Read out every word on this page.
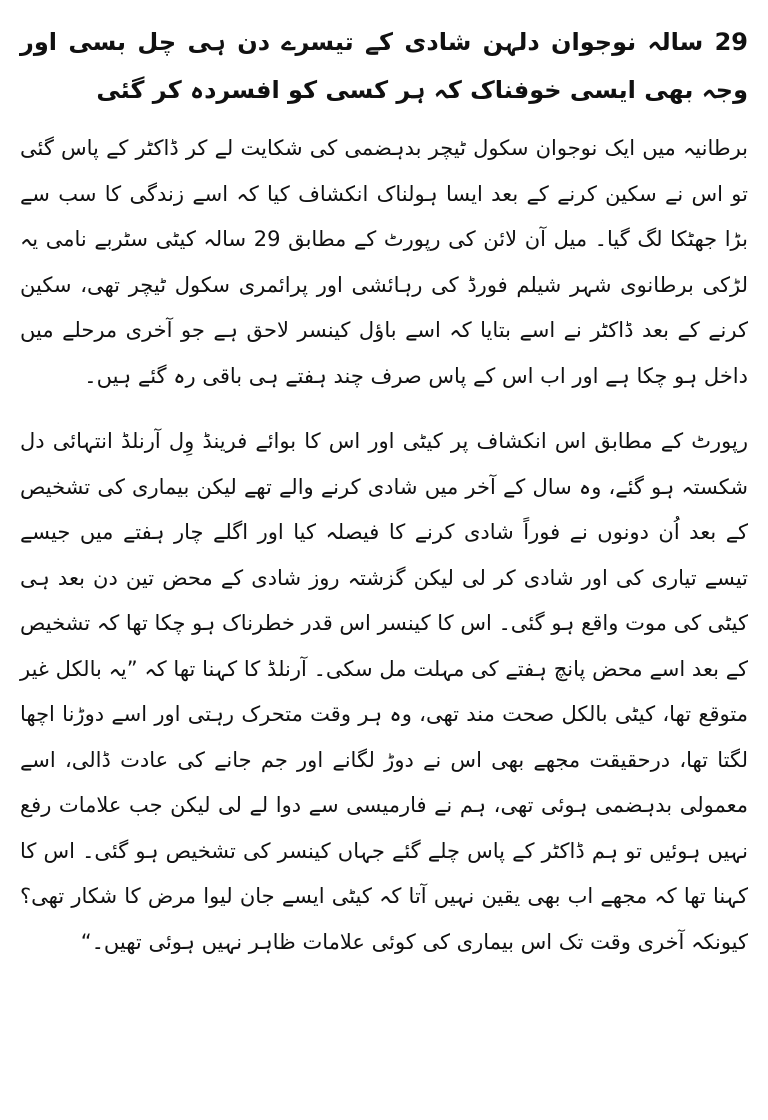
29 سالہ نوجوان دلہن شادی کے تیسرے دن ہی چل بسی اور وجہ بھی ایسی خوفناک کہ ہر کسی کو افسردہ کر گئی

برطانیہ میں ایک نوجوان سکول ٹیچر بدہضمی کی شکایت لے کر ڈاکٹر کے پاس گئی تو اس نے سکین کرنے کے بعد ایسا ہولناک انکشاف کیا کہ اسے زندگی کا سب سے بڑا جھٹکا لگ گیا۔ میل آن لائن کی رپورٹ کے مطابق 29 سالہ کیٹی سٹربے نامی یہ لڑکی برطانوی شہر شیلم فورڈ کی رہائشی اور پرائمری سکول ٹیچر تھی، سکین کرنے کے بعد ڈاکٹر نے اسے بتایا کہ اسے باؤل کینسر لاحق ہے جو آخری مرحلے میں داخل ہو چکا ہے اور اب اس کے پاس صرف چند ہفتے ہی باقی رہ گئے ہیں۔

رپورٹ کے مطابق اس انکشاف پر کیٹی اور اس کا بوائے فرینڈ وِل آرنلڈ انتہائی دل شکستہ ہو گئے، وہ سال کے آخر میں شادی کرنے والے تھے لیکن بیماری کی تشخیص کے بعد اُن دونوں نے فوراً شادی کرنے کا فیصلہ کیا اور اگلے چار ہفتے میں جیسے تیسے تیاری کی اور شادی کر لی لیکن گزشتہ روز شادی کے محض تین دن بعد ہی کیٹی کی موت واقع ہو گئی۔ اس کا کینسر اس قدر خطرناک ہو چکا تھا کہ تشخیص کے بعد اسے محض پانچ ہفتے کی مہلت مل سکی۔ آرنلڈ کا کہنا تھا کہ ”یہ بالکل غیر متوقع تھا، کیٹی بالکل صحت مند تھی، وہ ہر وقت متحرک رہتی اور اسے دوڑنا اچھا لگتا تھا، درحقیقت مجھے بھی اس نے دوڑ لگانے اور جم جانے کی عادت ڈالی، اسے معمولی بدہضمی ہوئی تھی، ہم نے فارمیسی سے دوا لے لی لیکن جب علامات رفع نہیں ہوئیں تو ہم ڈاکٹر کے پاس چلے گئے جہاں کینسر کی تشخیص ہو گئی۔ اس کا کہنا تھا کہ مجھے اب بھی یقین نہیں آتا کہ کیٹی ایسے جان لیوا مرض کا شکار تھی؟ کیونکہ آخری وقت تک اس بیماری کی کوئی علامات ظاہر نہیں ہوئی تھیں۔“
